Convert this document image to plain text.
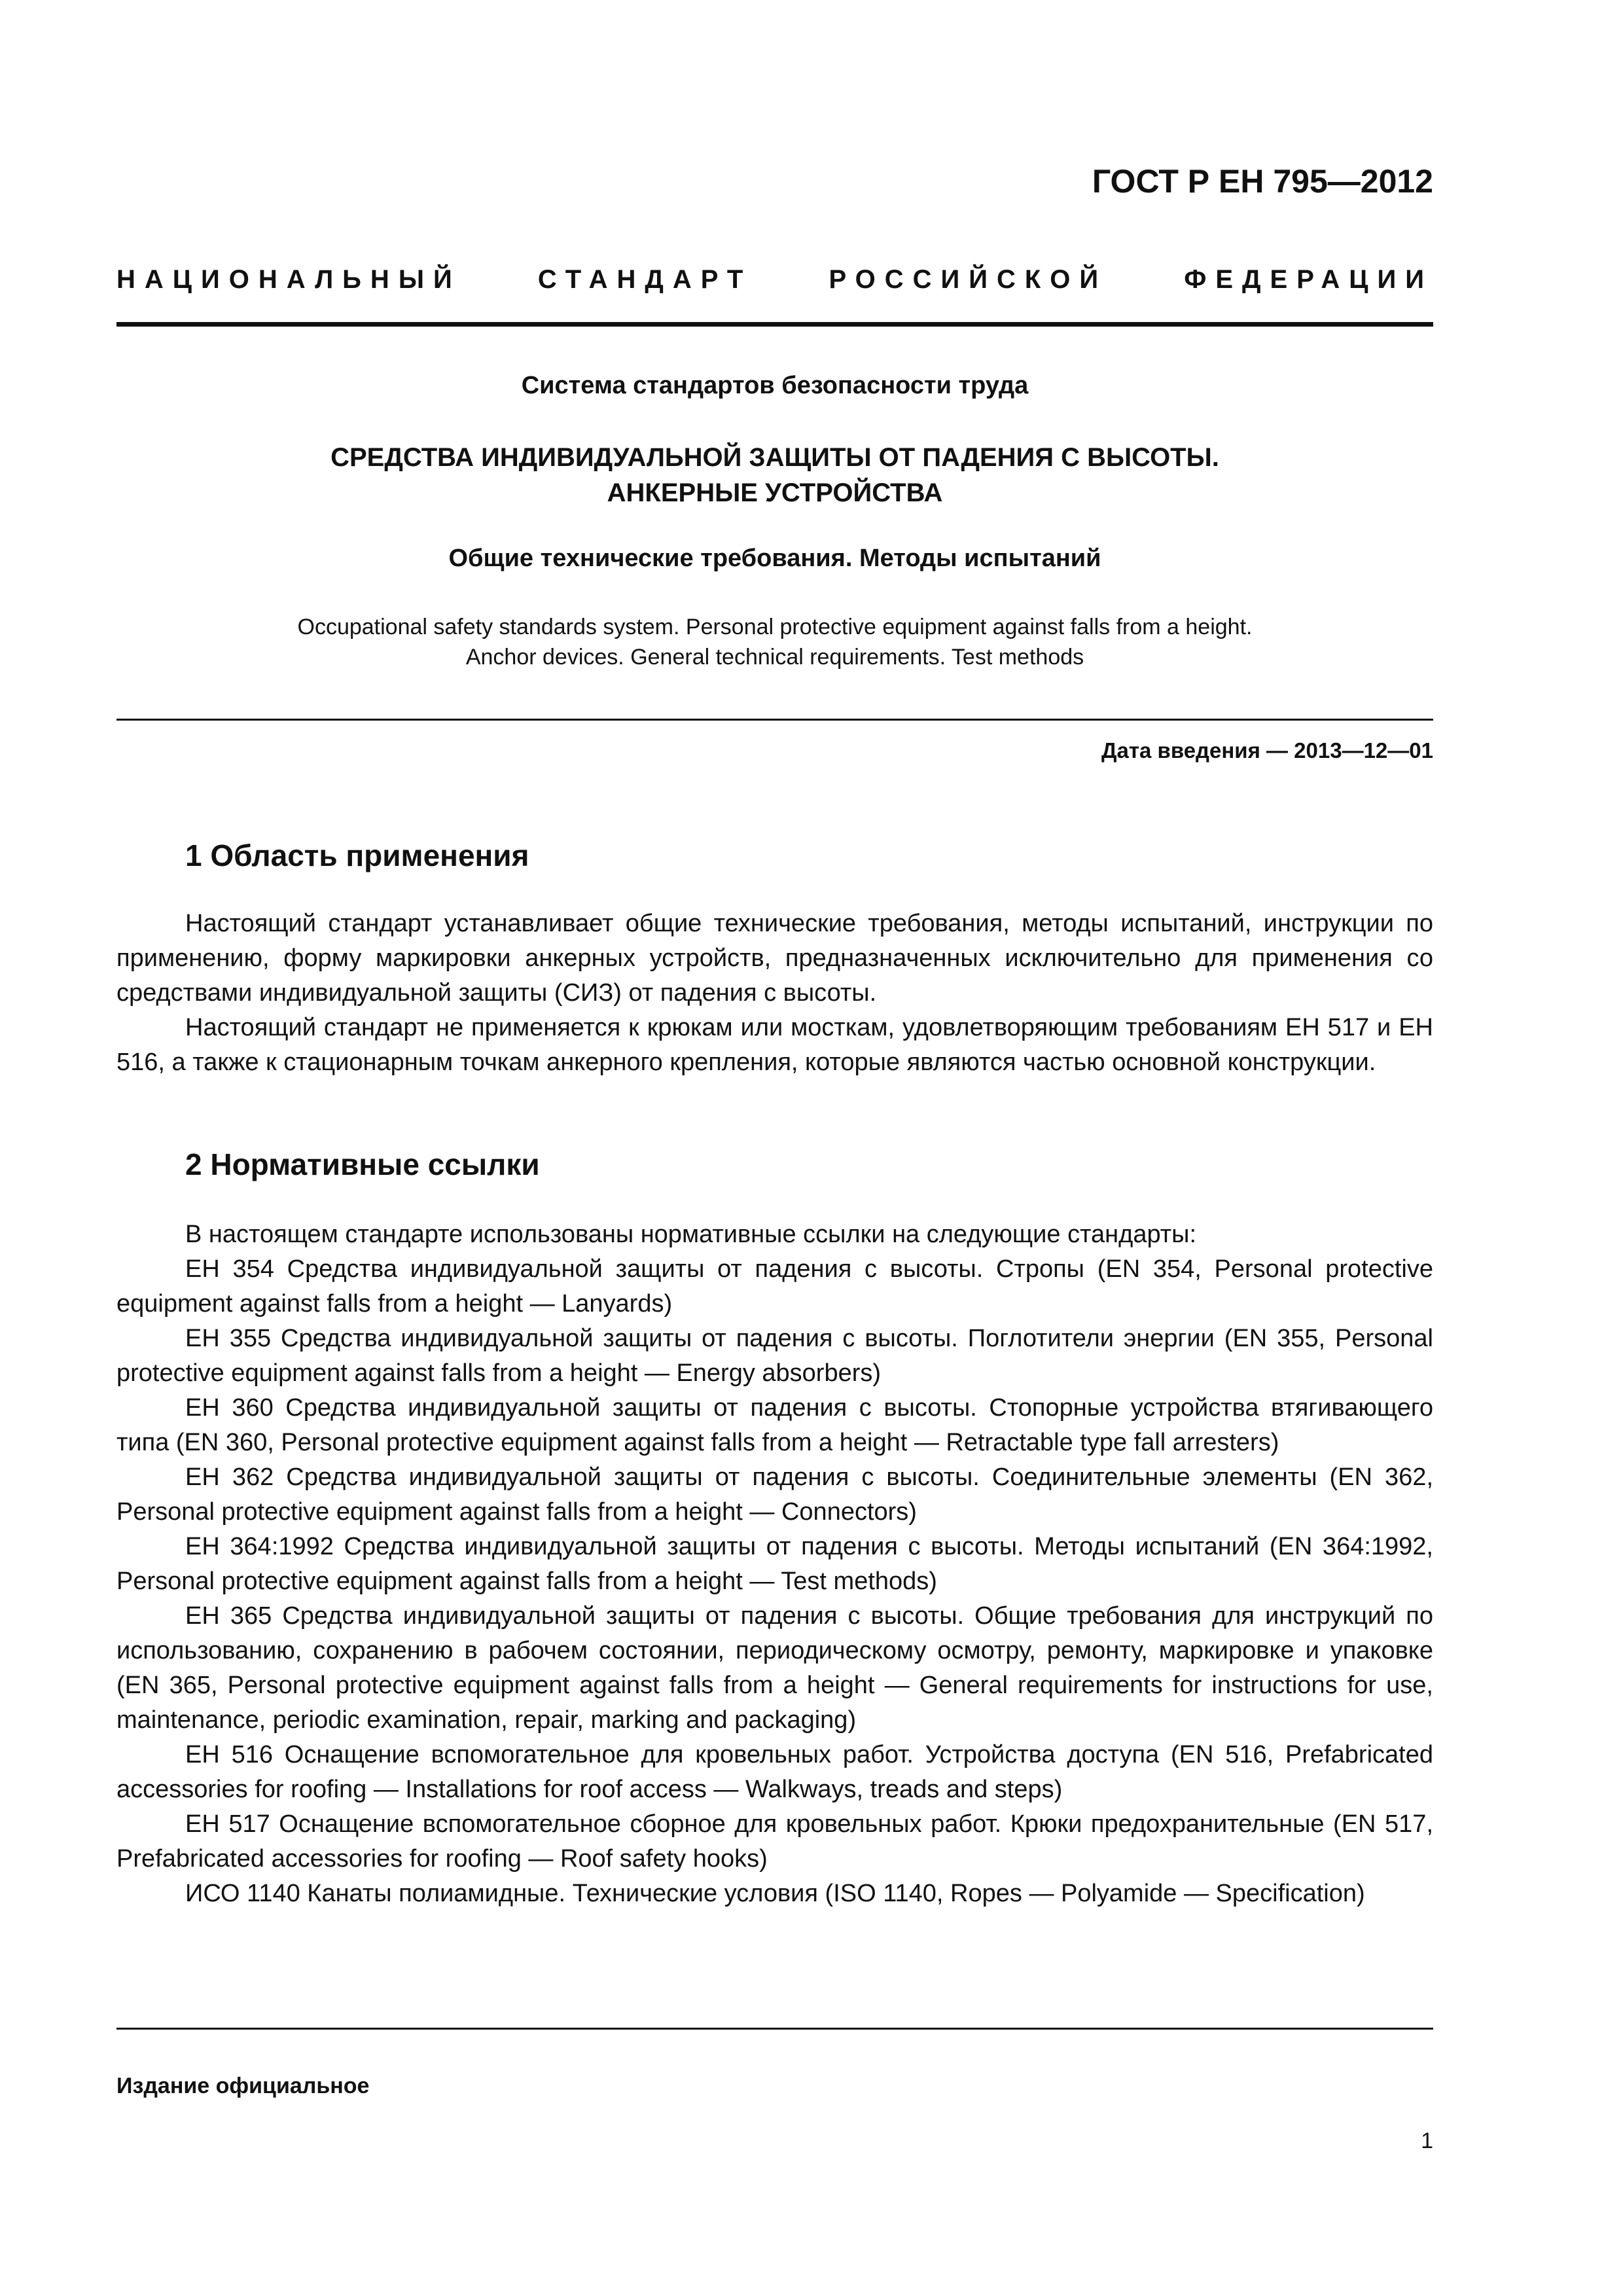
ГОСТ Р ЕН 795—2012
НАЦИОНАЛЬНЫЙ	СТАНДАРТ	РОССИЙСКОЙ	ФЕДЕРАЦИИ
Система стандартов безопасности труда
СРЕДСТВА ИНДИВИДУАЛЬНОЙ ЗАЩИТЫ ОТ ПАДЕНИЯ С ВЫСОТЫ.
АНКЕРНЫЕ УСТРОЙСТВА
Общие технические требования. Методы испытаний
Occupational safety standards system. Personal protective equipment against falls from a height.
Anchor devices. General technical requirements. Test methods
Дата введения — 2013—12—01
1 Область применения

Настоящий стандарт устанавливает общие технические требования, методы испытаний, инструкции по применению, форму маркировки анкерных устройств, предназначенных исключительно для применения со средствами индивидуальной защиты (СИЗ) от падения с высоты.

Настоящий стандарт не применяется к крюкам или мосткам, удовлетворяющим требованиям ЕН 517 и ЕН 516, а также к стационарным точкам анкерного крепления, которые являются частью основной конструкции.

2 Нормативные ссылки

В настоящем стандарте использованы нормативные ссылки на следующие стандарты:

ЕН 354 Средства индивидуальной защиты от падения с высоты. Стропы (EN 354, Personal protective equipment against falls from a height — Lanyards)

ЕН 355 Средства индивидуальной защиты от падения с высоты. Поглотители энергии (EN 355, Personal protective equipment against falls from a height — Energy absorbers)

ЕН 360 Средства индивидуальной защиты от падения с высоты. Стопорные устройства втягивающего типа (EN 360, Personal protective equipment against falls from a height — Retractable type fall arresters)

ЕН 362 Средства индивидуальной защиты от падения с высоты. Соединительные элементы (EN 362, Personal protective equipment against falls from a height — Connectors)

ЕН 364:1992 Средства индивидуальной защиты от падения с высоты. Методы испытаний (EN 364:1992, Personal protective equipment against falls from a height — Test methods)

ЕН 365 Средства индивидуальной защиты от падения с высоты. Общие требования для инструкций по использованию, сохранению в рабочем состоянии, периодическому осмотру, ремонту, маркировке и упаковке (EN 365, Personal protective equipment against falls from a height — General requirements for instructions for use, maintenance, periodic examination, repair, marking and packaging)

ЕН 516 Оснащение вспомогательное для кровельных работ. Устройства доступа (EN 516, Prefabricated accessories for roofing — Installations for roof access — Walkways, treads and steps)

ЕН 517 Оснащение вспомогательное сборное для кровельных работ. Крюки предохранительные (EN 517, Prefabricated accessories for roofing — Roof safety hooks)

ИСО 1140 Канаты полиамидные. Технические условия (ISO 1140, Ropes — Polyamide — Specification)

Издание официальное
1
